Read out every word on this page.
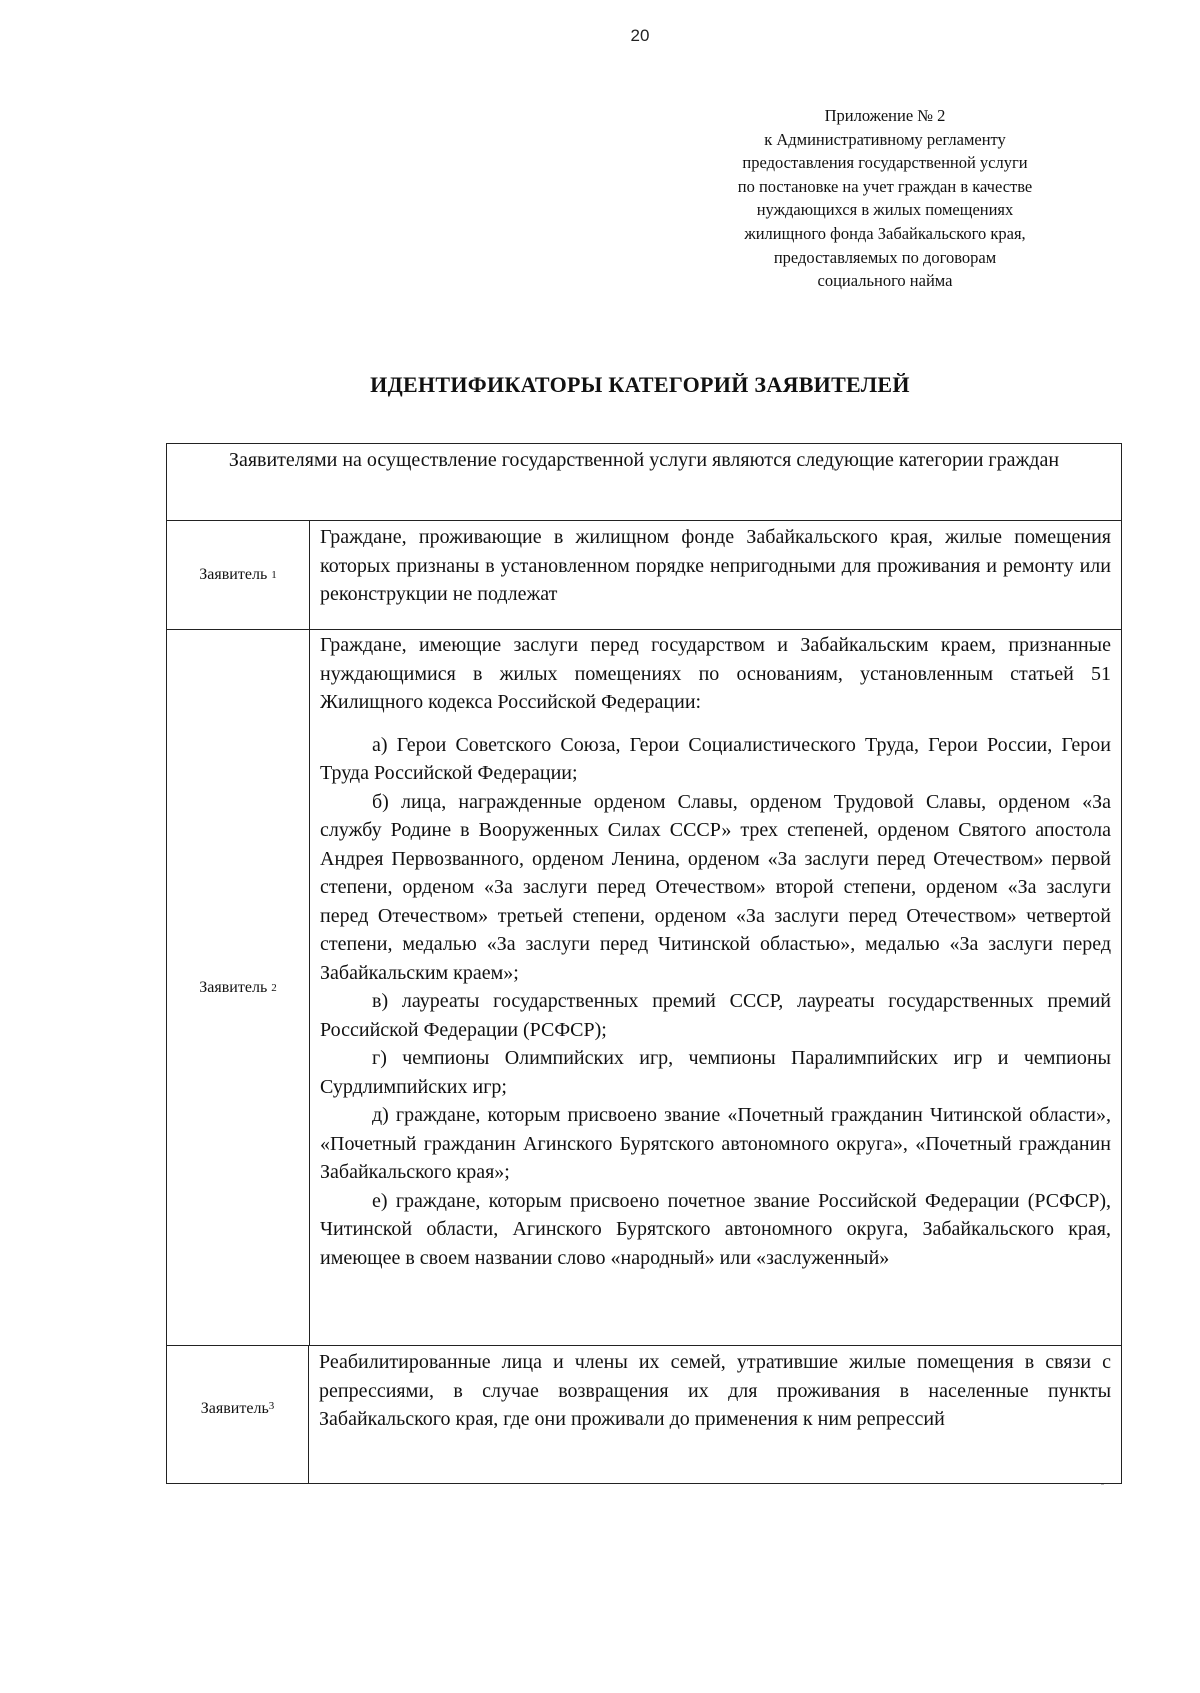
20
Приложение № 2
к Административному регламенту
предоставления государственной услуги
по постановке на учет граждан в качестве
нуждающихся в жилых помещениях
жилищного фонда Забайкальского края,
предоставляемых по договорам
социального найма
ИДЕНТИФИКАТОРЫ КАТЕГОРИЙ ЗАЯВИТЕЛЕЙ
Заявителями на осуществление государственной услуги являются следующие категории граждан
Заявитель
1

Граждане, проживающие в жилищном фонде Забайкальского края, жилые помещения которых признаны в установленном порядке непригодными для проживания и ремонту или реконструкции не подлежат

Заявитель
2

Граждане, имеющие заслуги перед государством и Забайкальским краем, признанные нуждающимися в жилых помещениях по основаниям, установленным статьей 51 Жилищного кодекса Российской Федерации:

а) Герои Советского Союза, Герои Социалистического Труда, Герои России, Герои Труда Российской Федерации;

б) лица, награжденные орденом Славы, орденом Трудовой Славы, орденом «За службу Родине в Вооруженных Силах СССР» трех степеней, орденом Святого апостола Андрея Первозванного, орденом Ленина, орденом «За заслуги перед Отечеством» первой степени, орденом «За заслуги перед Отечеством» второй степени, орденом «За заслуги перед Отечеством» третьей степени, орденом «За заслуги перед Отечеством» четвертой степени, медалью «За заслуги перед Читинской областью», медалью «За заслуги перед Забайкальским краем»;

в) лауреаты государственных премий СССР, лауреаты государственных премий Российской Федерации (РСФСР);

г) чемпионы Олимпийских игр, чемпионы Паралимпийских игр и чемпионы Сурдлимпийских игр;

д) граждане, которым присвоено звание «Почетный гражданин Читинской области», «Почетный гражданин Агинского Бурятского автономного округа», «Почетный гражданин Забайкальского края»;

е) граждане, которым присвоено почетное звание Российской Федерации (РСФСР), Читинской области, Агинского Бурятского автономного округа, Забайкальского края, имеющее в своем названии слово «народный» или «заслуженный»

Заявитель 3

Реабилитированные лица и члены их семей, утратившие жилые помещения в связи с репрессиями, в случае возвращения их для проживания в населенные пункты Забайкальского края, где они проживали до применения к ним репрессий
